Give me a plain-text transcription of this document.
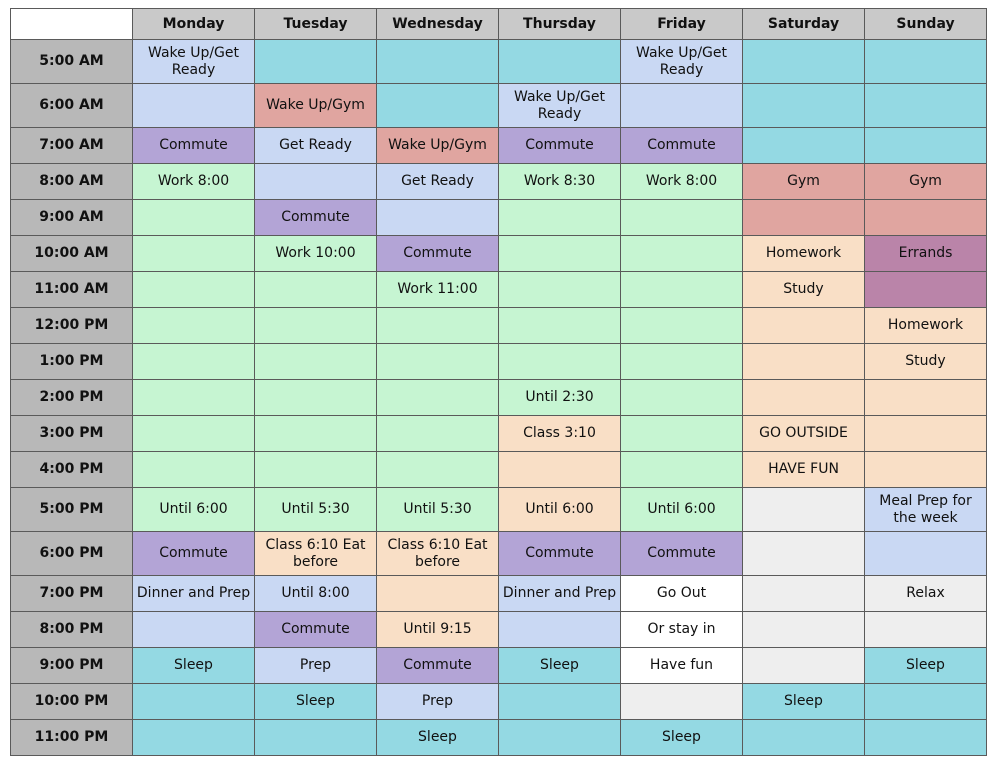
	Monday	Tuesday	Wednesday	Thursday	Friday	Saturday	Sunday
5:00 AM	Wake Up/Get Ready				Wake Up/Get Ready		
6:00 AM		Wake Up/Gym		Wake Up/Get Ready			
7:00 AM	Commute	Get Ready	Wake Up/Gym	Commute	Commute		
8:00 AM	Work 8:00		Get Ready	Work 8:30	Work 8:00	Gym	Gym
9:00 AM		Commute					
10:00 AM		Work 10:00	Commute			Homework	Errands
11:00 AM			Work 11:00			Study	
12:00 PM							Homework
1:00 PM							Study
2:00 PM				Until 2:30			
3:00 PM				Class 3:10		GO OUTSIDE	
4:00 PM						HAVE FUN	
5:00 PM	Until 6:00	Until 5:30	Until 5:30	Until 6:00	Until 6:00		Meal Prep for the week
6:00 PM	Commute	Class 6:10 Eat before	Class 6:10 Eat before	Commute	Commute		
7:00 PM	Dinner and Prep	Until 8:00		Dinner and Prep	Go Out		Relax
8:00 PM		Commute	Until 9:15		Or stay in		
9:00 PM	Sleep	Prep	Commute	Sleep	Have fun		Sleep
10:00 PM		Sleep	Prep			Sleep	
11:00 PM			Sleep		Sleep		
